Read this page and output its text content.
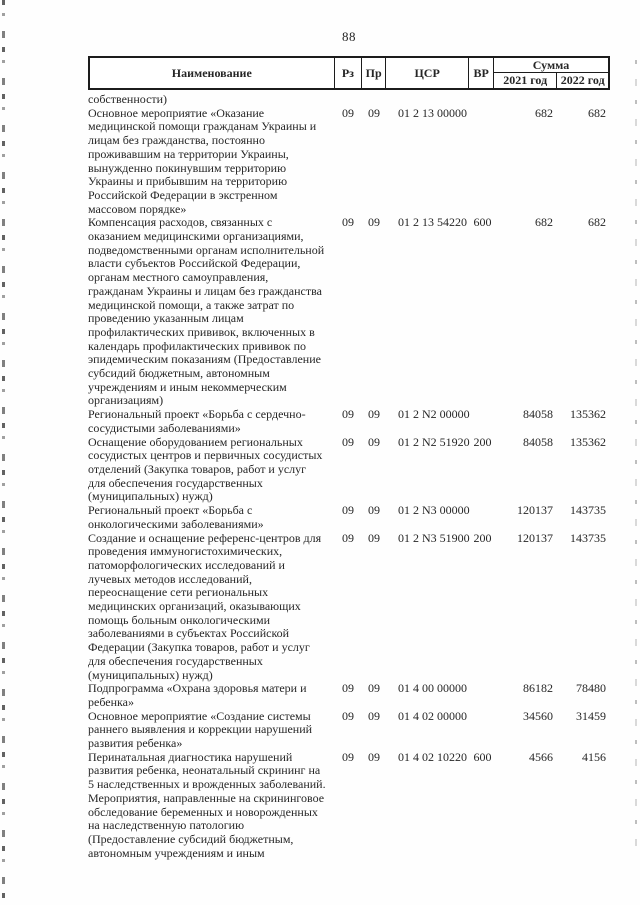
88
Наименование	Рз Пр	ЦСР	ВР
Сумма
2021 год	2022 год
собственности)
Основное мероприятие «Оказание медицинской помощи гражданам Украины и лицам без гражданства, постоянно проживавшим на территории Украины, вынужденно покинувшим территорию Украины и прибывшим на территорию Российской Федерации в экстренном массовом порядке»
09	09	01 2 13 00000	682	682
Компенсация расходов, связанных с оказанием медицинскими организациями, подведомственными органам исполнительной власти субъектов Российской Федерации, органам местного самоуправления, гражданам Украины и лицам без гражданства медицинской помощи, а также затрат по проведению указанным лицам профилактических прививок, включенных в календарь профилактических прививок по эпидемическим показаниям (Предоставление субсидий бюджетным, автономным учреждениям и иным некоммерческим организациям)
09	09	01 2 13 54220 600	682	682
Региональный проект «Борьба с сердечно-сосудистыми заболеваниями»
09	09	01 2 N2 00000	84058	135362
Оснащение оборудованием региональных сосудистых центров и первичных сосудистых отделений (Закупка товаров, работ и услуг для обеспечения государственных (муниципальных) нужд)
09	09	01 2 N2 51920 200	84058	135362
Региональный проект «Борьба с онкологическими заболеваниями»
09	09	01 2 N3 00000	120137	143735
Создание и оснащение референс-центров для проведения иммуногистохимических, патоморфологических исследований и лучевых методов исследований, переоснащение сети региональных медицинских организаций, оказывающих помощь больным онкологическими заболеваниями в субъектах Российской Федерации (Закупка товаров, работ и услуг для обеспечения государственных (муниципальных) нужд)
09	09	01 2 N3 51900 200	120137	143735
Подпрограмма «Охрана здоровья матери и ребенка»
09	09	01 4 00 00000	86182	78480
Основное мероприятие «Создание системы раннего выявления и коррекции нарушений развития ребенка»
09	09	01 4 02 00000	34560	31459
Перинатальная диагностика нарушений развития ребенка, неонатальный скрининг на 5 наследственных и врожденных заболеваний. Мероприятия, направленные на скрининговое обследование беременных и новорожденных на наследственную патологию (Предоставление субсидий бюджетным, автономным учреждениям и иным
09	09	01 4 02 10220 600	4566	4156
